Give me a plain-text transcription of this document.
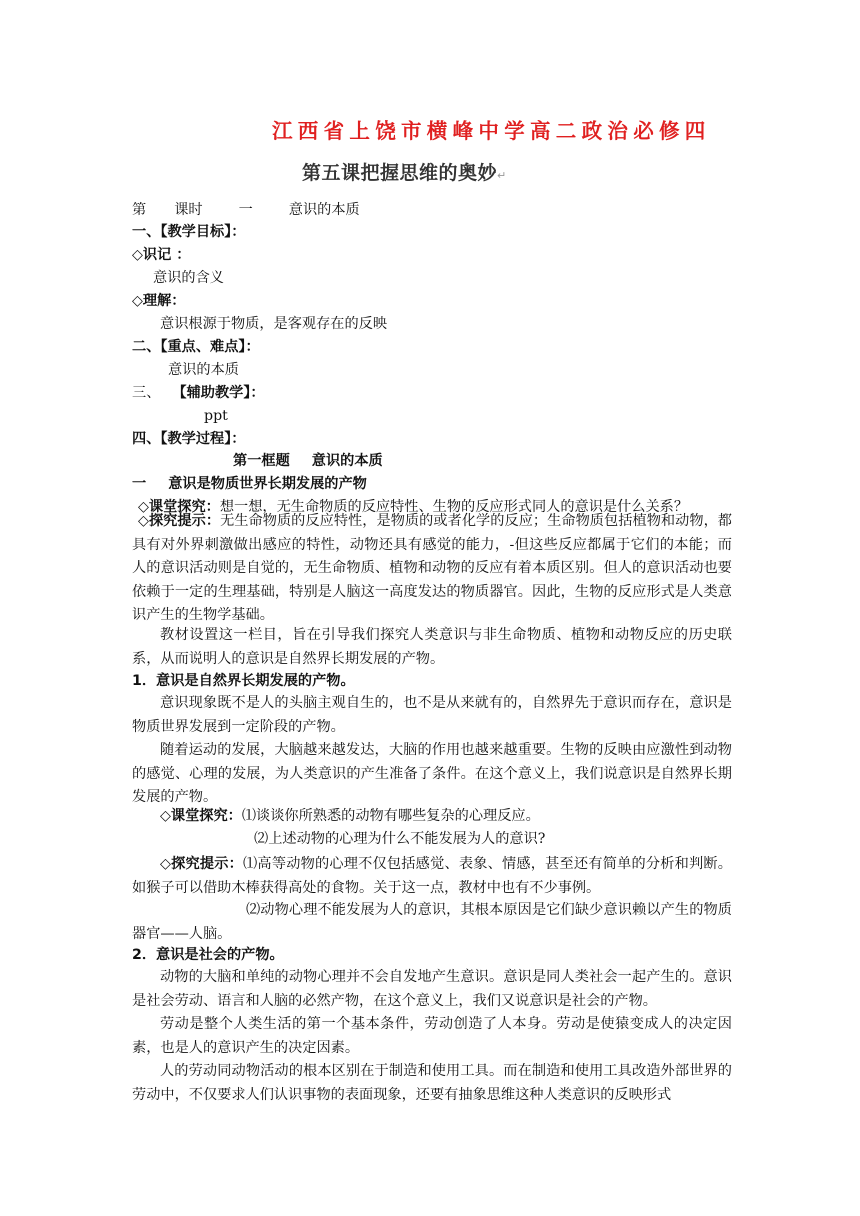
江西省上饶市横峰中学高二政治必修四
第五课把握思维的奥妙↵
第 课时	一	意识的本质
一、【教学目标】：
◇识记 ：
意识的含义
◇理解：
意识根源于物质，是客观存在的反映
二、【重点、难点】：
意识的本质
三、 【辅助教学】：
ppt
四、【教学过程】：
第一框题 意识的本质
一 意识是物质世界长期发展的产物
◇课堂探究：想一想，无生命物质的反应特性、生物的反应形式同人的意识是什么关系？
◇探究提示：无生命物质的反应特性，是物质的或者化学的反应；生命物质包括植物和动物，都具有对外界刺激做出感应的特性，动物还具有感觉的能力，-但这些反应都属于它们的本能；而人的意识活动则是自觉的，无生命物质、植物和动物的反应有着本质区别。但人的意识活动也要依赖于一定的生理基础，特别是人脑这一高度发达的物质器官。因此，生物的反应形式是人类意识产生的生物学基础。
教材设置这一栏目，旨在引导我们探究人类意识与非生命物质、植物和动物反应的历史联系，从而说明人的意识是自然界长期发展的产物。
1．意识是自然界长期发展的产物。
意识现象既不是人的头脑主观自生的，也不是从来就有的，自然界先于意识而存在，意识是物质世界发展到一定阶段的产物。
随着运动的发展，大脑越来越发达，大脑的作用也越来越重要。生物的反映由应激性到动物的感觉、心理的发展，为人类意识的产生准备了条件。在这个意义上，我们说意识是自然界长期发展的产物。
◇课堂探究：⑴谈谈你所熟悉的动物有哪些复杂的心理反应。
⑵上述动物的心理为什么不能发展为人的意识?
◇探究提示：⑴高等动物的心理不仅包括感觉、表象、情感，甚至还有简单的分析和判断。如猴子可以借助木棒获得高处的食物。关于这一点，教材中也有不少事例。
⑵动物心理不能发展为人的意识，其根本原因是它们缺少意识赖以产生的物质器官——人脑。
2．意识是社会的产物。
动物的大脑和单纯的动物心理并不会自发地产生意识。意识是同人类社会一起产生的。意识是社会劳动、语言和人脑的必然产物，在这个意义上，我们又说意识是社会的产物。
劳动是整个人类生活的第一个基本条件，劳动创造了人本身。劳动是使猿变成人的决定因素，也是人的意识产生的决定因素。
人的劳动同动物活动的根本区别在于制造和使用工具。而在制造和使用工具改造外部世界的劳动中，不仅要求人们认识事物的表面现象，还要有抽象思维这种人类意识的反映形式
